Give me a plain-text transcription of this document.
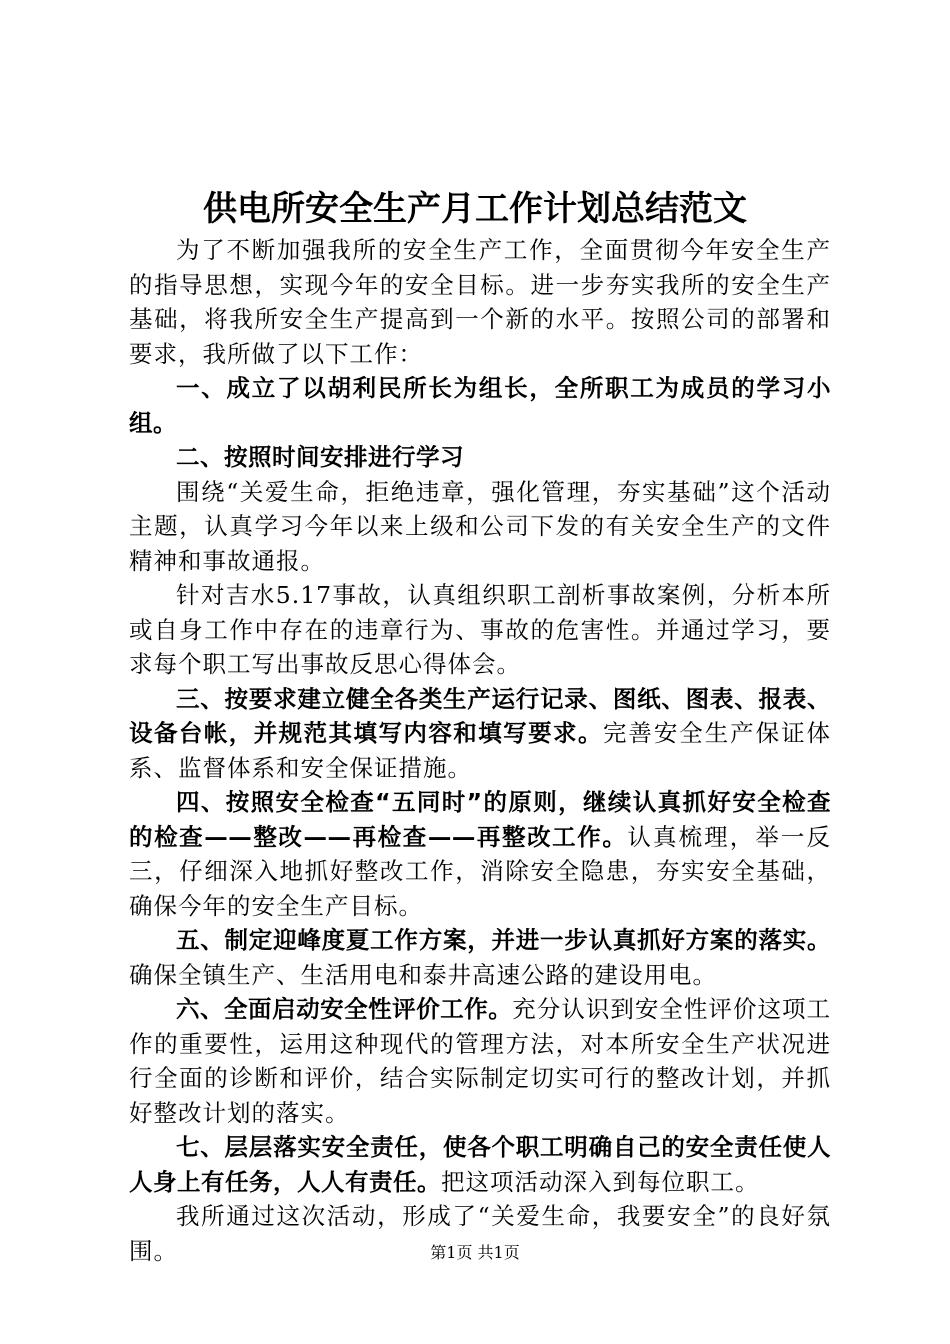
供电所安全生产月工作计划总结范文

为了不断加强我所的安全生产工作，全面贯彻今年安全生产的指导思想，实现今年的安全目标。进一步夯实我所的安全生产基础，将我所安全生产提高到一个新的水平。按照公司的部署和要求，我所做了以下工作：

一、成立了以胡利民所长为组长，全所职工为成员的学习小组。

二、按照时间安排进行学习

围绕“关爱生命，拒绝违章，强化管理，夯实基础”这个活动主题，认真学习今年以来上级和公司下发的有关安全生产的文件精神和事故通报。

针对吉水5.17事故，认真组织职工剖析事故案例，分析本所或自身工作中存在的违章行为、事故的危害性。并通过学习，要求每个职工写出事故反思心得体会。

三、按要求建立健全各类生产运行记录、图纸、图表、报表、设备台帐，并规范其填写内容和填写要求。完善安全生产保证体系、监督体系和安全保证措施。

四、按照安全检查“五同时”的原则，继续认真抓好安全检查的检查——整改——再检查——再整改工作。认真梳理，举一反三，仔细深入地抓好整改工作，消除安全隐患，夯实安全基础，确保今年的安全生产目标。

五、制定迎峰度夏工作方案，并进一步认真抓好方案的落实。确保全镇生产、生活用电和泰井高速公路的建设用电。

六、全面启动安全性评价工作。充分认识到安全性评价这项工作的重要性，运用这种现代的管理方法，对本所安全生产状况进行全面的诊断和评价，结合实际制定切实可行的整改计划，并抓好整改计划的落实。

七、层层落实安全责任，使各个职工明确自己的安全责任使人人身上有任务，人人有责任。把这项活动深入到每位职工。

我所通过这次活动，形成了“关爱生命，我要安全”的良好氛围。	第1页 共1页
